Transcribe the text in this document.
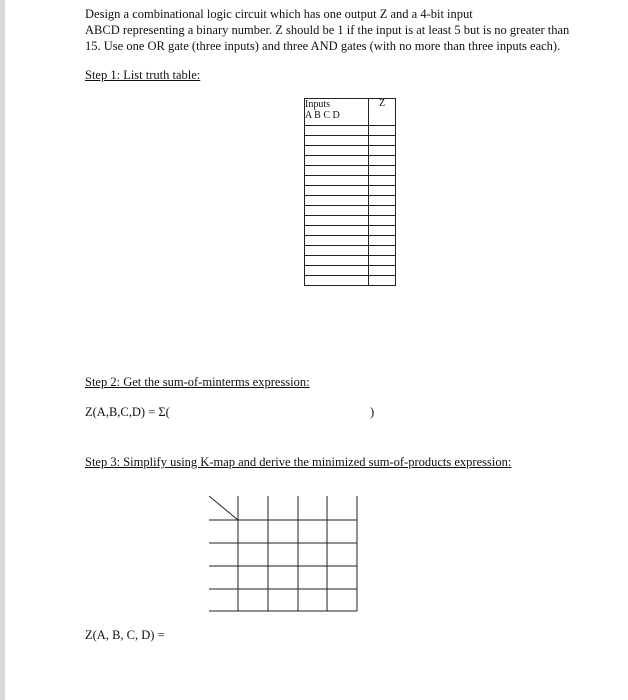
Design a combinational logic circuit which has one output Z and a 4-bit input
ABCD representing a binary number. Z should be 1 if the input is at least 5 but is no greater than
15. Use one OR gate (three inputs) and three AND gates (with no more than three inputs each).
Step 1: List truth table:
Inputs
A B C D	Z

Step 2: Get the sum-of-minterms expression:
Z(A,B,C,D) = Σ(	)
Step 3: Simplify using K-map and derive the minimized sum-of-products expression:
Z(A, B, C, D) =
